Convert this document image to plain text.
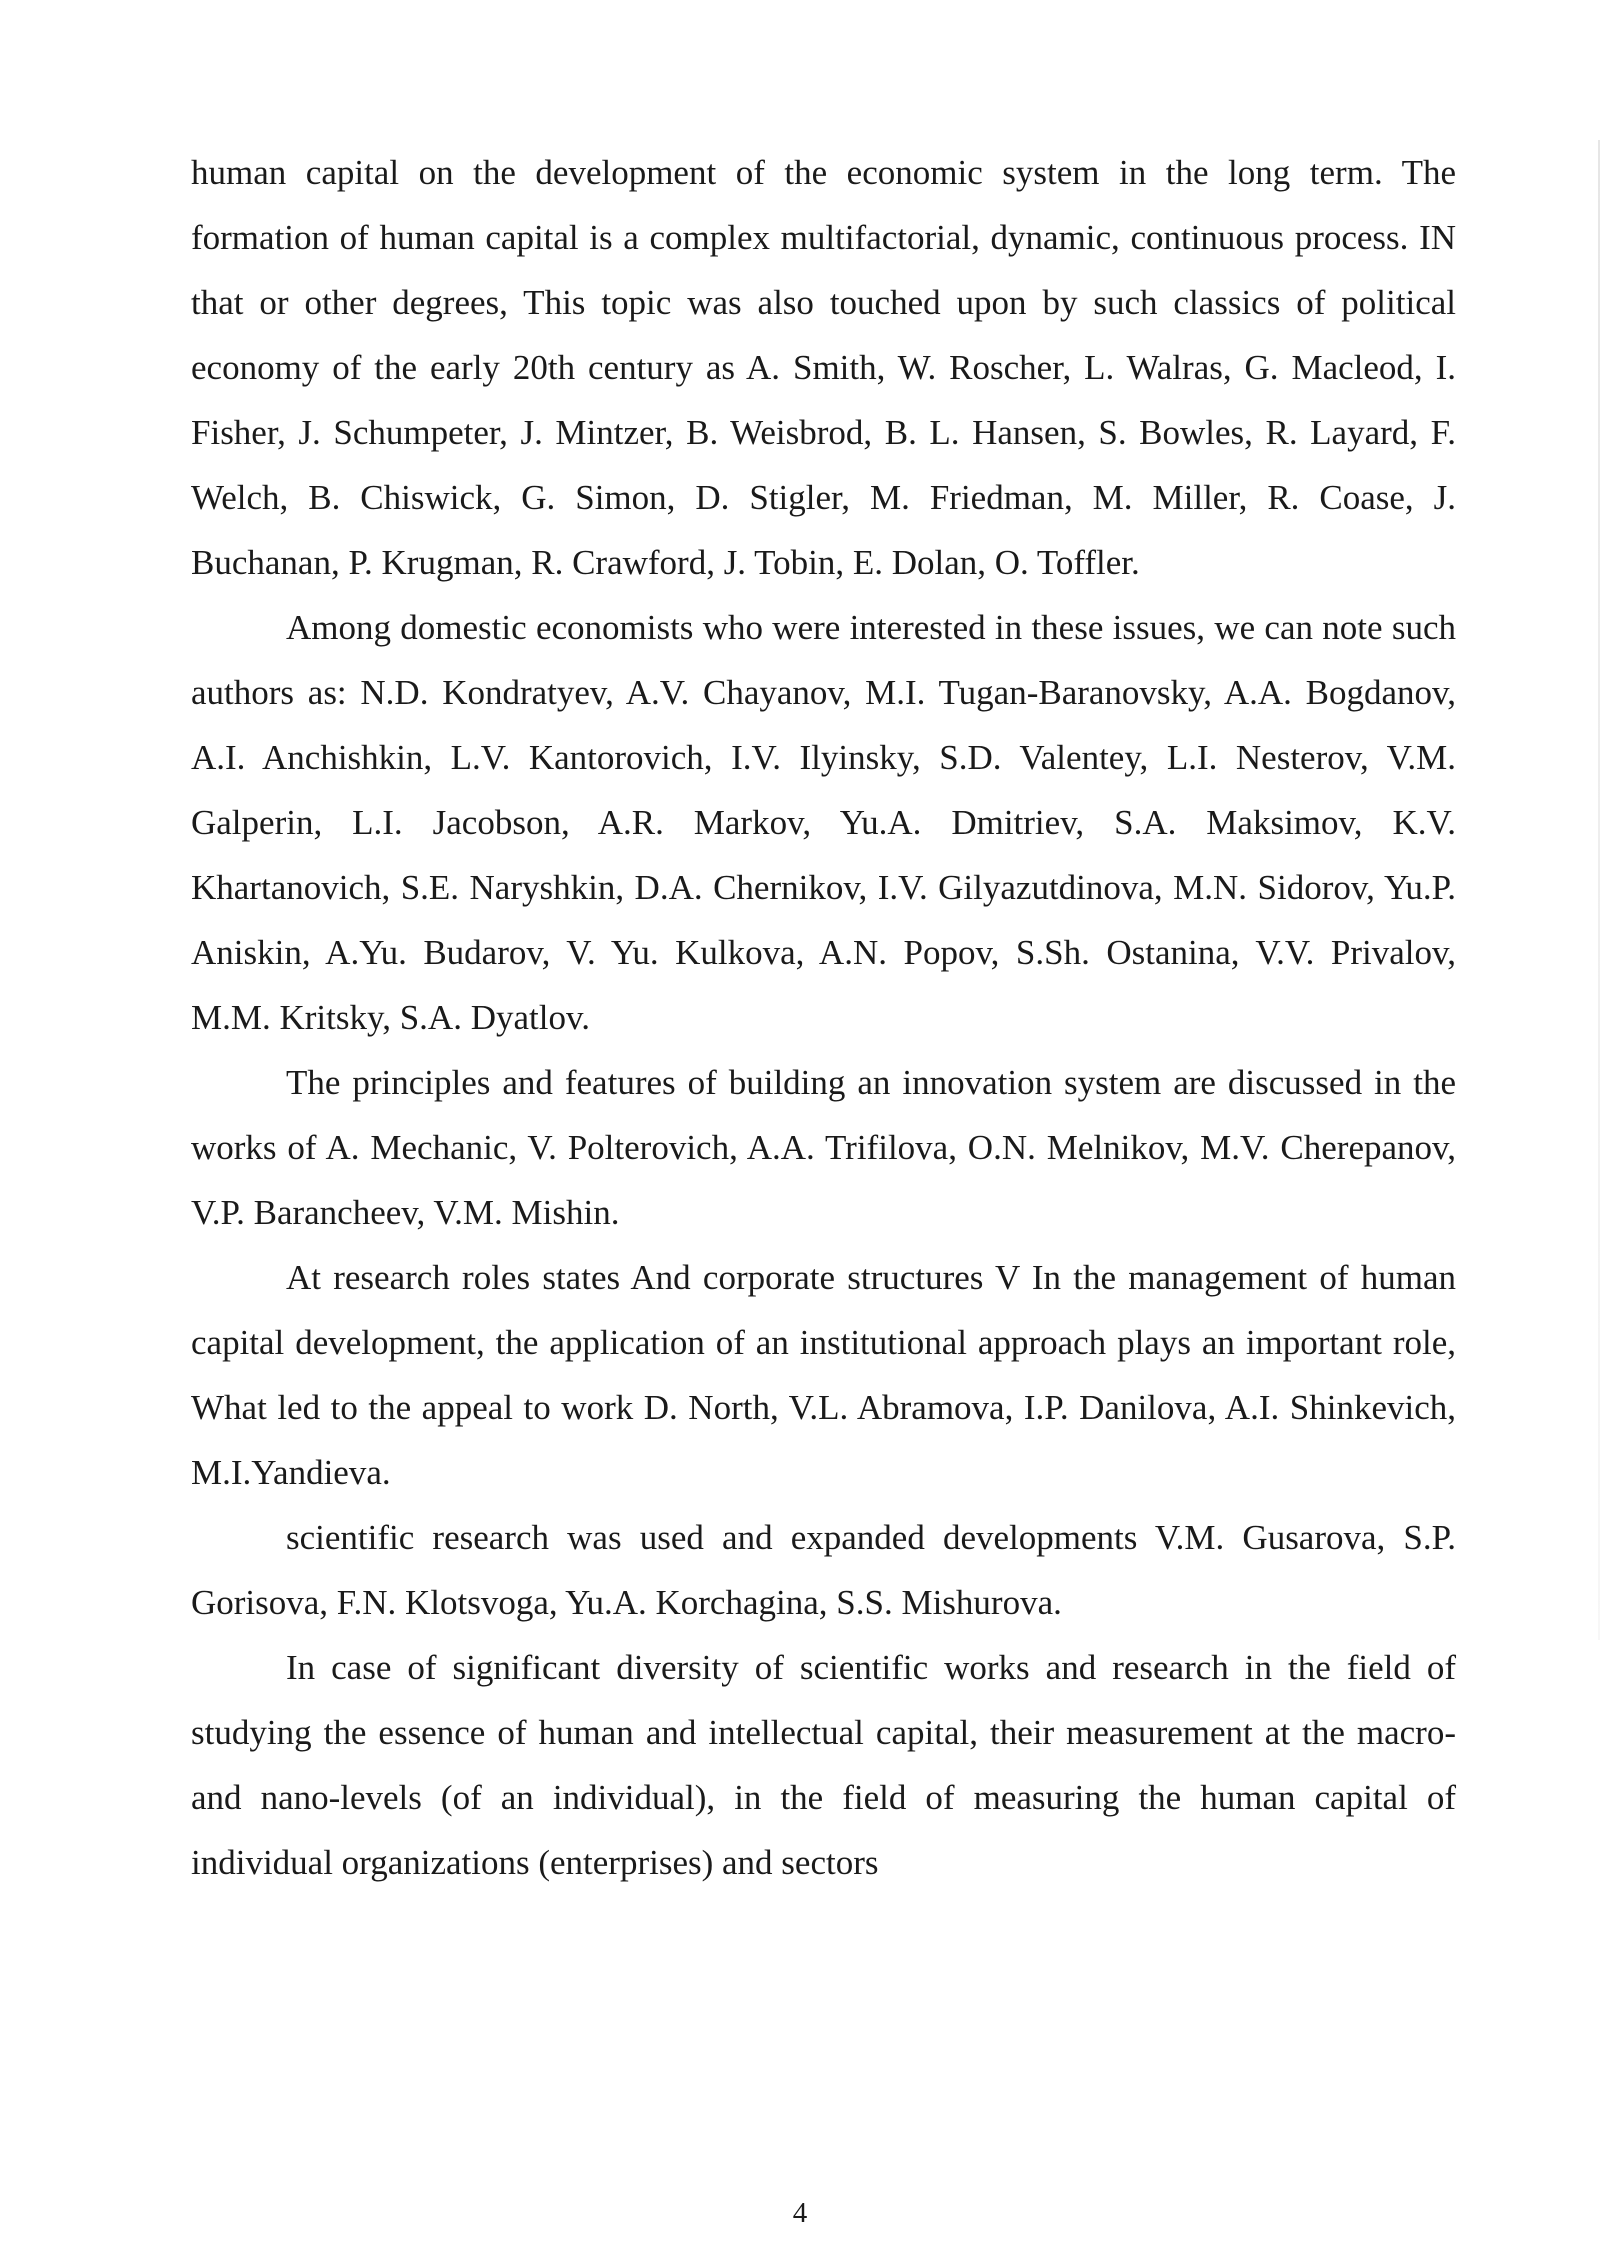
human capital on the development of the economic system in the long term. The formation of human capital is a complex multifactorial, dynamic, continuous process. IN that or other degrees, This topic was also touched upon by such classics of political economy of the early 20th century as A. Smith, W. Roscher, L. Walras, G. Macleod, I. Fisher, J. Schumpeter, J. Mintzer, B. Weisbrod, B. L. Hansen, S. Bowles, R. Layard, F. Welch, B. Chiswick, G. Simon, D. Stigler, M. Friedman, M. Miller, R. Coase, J. Buchanan, P. Krugman, R. Crawford, J. Tobin, E. Dolan, O. Toffler.

Among domestic economists who were interested in these issues, we can note such authors as: N.D. Kondratyev, A.V. Chayanov, M.I. Tugan-Baranovsky, A.A. Bogdanov, A.I. Anchishkin, L.V. Kantorovich, I.V. Ilyinsky, S.D. Valentey, L.I. Nesterov, V.M. Galperin, L.I. Jacobson, A.R. Markov, Yu.A. Dmitriev, S.A. Maksimov, K.V. Khartanovich, S.E. Naryshkin, D.A. Chernikov, I.V. Gilyazutdinova, M.N. Sidorov, Yu.P. Aniskin, A.Yu. Budarov, V. Yu. Kulkova, A.N. Popov, S.Sh. Ostanina, V.V. Privalov, M.M. Kritsky, S.A. Dyatlov.

The principles and features of building an innovation system are discussed in the works of A. Mechanic, V. Polterovich, A.A. Trifilova, O.N. Melnikov, M.V. Cherepanov, V.P. Barancheev, V.M. Mishin.

At research roles states And corporate structures V In the management of human capital development, the application of an institutional approach plays an important role, What led to the appeal to work D. North, V.L. Abramova, I.P. Danilova, A.I. Shinkevich, M.I.Yandieva.

scientific research was used and expanded developments V.M. Gusarova, S.P. Gorisova, F.N. Klotsvoga, Yu.A. Korchagina, S.S. Mishurova.

In case of significant diversity of scientific works and research in the field of studying the essence of human and intellectual capital, their measurement at the macro- and nano-levels (of an individual), in the field of measuring the human capital of individual organizations (enterprises) and sectors

4
